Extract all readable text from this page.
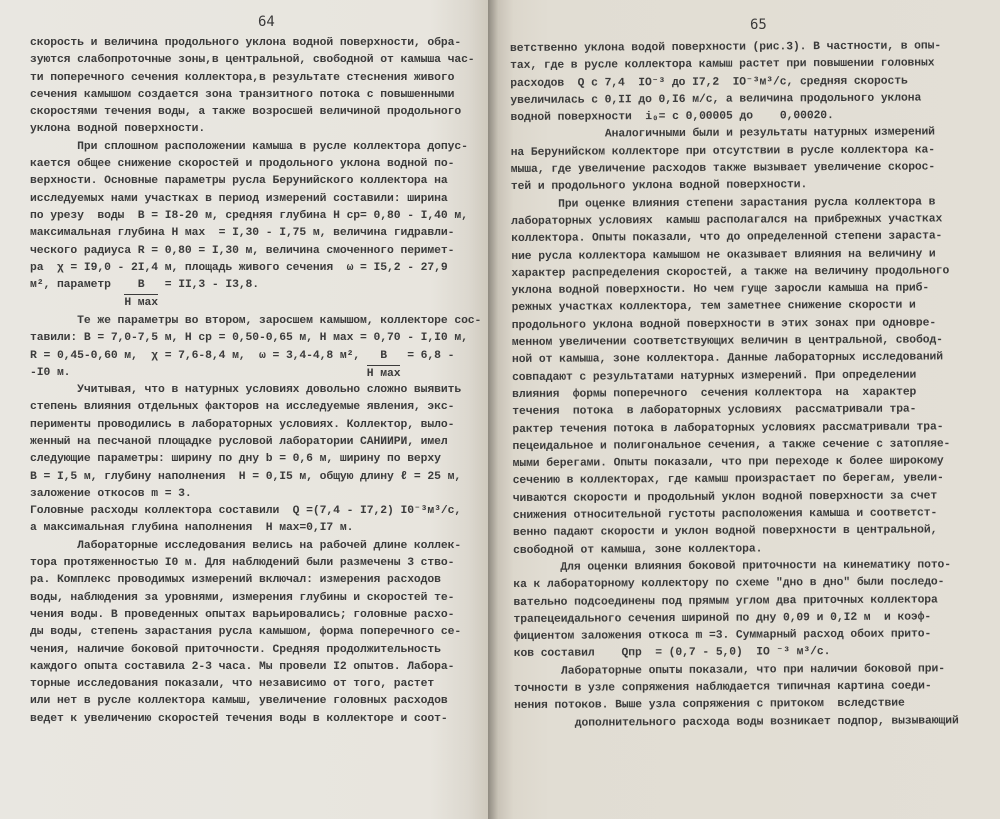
64
скорость и величина продольного уклона водной поверхности, обра-
зуются слабопроточные зоны,в центральной, свободной от камыша час-
ти поперечного сечения коллектора,в результате стеснения живого
сечения камышом создается зона транзитного потока с повышенными
скоростями течения воды, а также возросшей величиной продольного
уклона водной поверхности.
При сплошном расположении камыша в русле коллектора допус-
кается общее снижение скоростей и продольного уклона водной по-
верхности. Основные параметры русла Берунийского коллектора на
исследуемых нами участках в период измерений составили: ширина
по урезу  воды  В = I8-20 м, средняя глубина Н ср= 0,80 - I,40 м,
максимальная глубина Н мах  = I,30 - I,75 м, величина гидравли-
ческого радиуса R = 0,80 = I,30 м, величина смоченного перимет-
ра  χ = I9,0 - 2I,4 м, площадь живого сечения  ω = I5,2 - 27,9
м², параметр $\frac{B}{\text{Н мах}} = II,3 - I3,8$.
Те же параметры во втором, заросшем камышом, коллекторе сос-
тавили: В = 7,0-7,5 м, Н ср = 0,50-0,65 м, Н мах = 0,70 - I,I0 м,
R = 0,45-0,60 м,  χ = 7,6-8,4 м,  ω = 3,4-4,8 м², $\frac{B}{\text{Н мах}} = 6,8$ -
-I0 м.
Учитывая, что в натурных условиях довольно сложно выявить
степень влияния отдельных факторов на исследуемые явления, экс-
перименты проводились в лабораторных условиях. Коллектор, выло-
женный на песчаной площадке русловой лаборатории САНИИРИ, имел
следующие параметры: ширину по дну b = 0,6 м, ширину по верху
В = I,5 м, глубину наполнения  Н = 0,I5 м, общую длину ℓ = 25 м,
заложение откосов m = 3.
Головные расходы коллектора составили  Q =(7,4 - I7,2) I0⁻³м³/с,
а максимальная глубина наполнения  Н мах=0,I7 м.
Лабораторные исследования велись на рабочей длине коллек-
тора протяженностью I0 м. Для наблюдений были размечены 3 ство-
ра. Комплекс проводимых измерений включал: измерения расходов
воды, наблюдения за уровнями, измерения глубины и скоростей те-
чения воды. В проведенных опытах варьировались; головные расхо-
ды воды, степень зарастания русла камышом, форма поперечного се-
чения, наличие боковой приточности. Средняя продолжительность
каждого опыта составила 2-3 часа. Мы провели I2 опытов. Лабора-
торные исследования показали, что независимо от того, растет
или нет в русле коллектора камыш, увеличение головных расходов
ведет к увеличению скоростей течения воды в коллекторе и соот-
65
ветственно уклона водой поверхности (рис.3). В частности, в опы-
тах, где в русле коллектора камыш растет при повышении головных
расходов  Q с 7,4  IO⁻³ до I7,2  IO⁻³м³/с, средняя скорость
увеличилась с 0,II до 0,I6 м/с, а величина продольного уклона
водной поверхности  i₀= с 0,00005 до    0,00020.
Аналогичными были и результаты натурных измерений
на Берунийском коллекторе при отсутствии в русле коллектора ка-
мыша, где увеличение расходов также вызывает увеличение скорос-
тей и продольного уклона водной поверхности.
При оценке влияния степени зарастания русла коллектора в
лабораторных условиях  камыш располагался на прибрежных участках
коллектора. Опыты показали, что до определенной степени зараста-
ние русла коллектора камышом не оказывает влияния на величину и
характер распределения скоростей, а также на величину продольного
уклона водной поверхности. Но чем гуще заросли камыша на приб-
режных участках коллектора, тем заметнее снижение скорости и
продольного уклона водной поверхности в этих зонах при одновре-
менном увеличении соответствующих величин в центральной, свобод-
ной от камыша, зоне коллектора. Данные лабораторных исследований
совпадают с результатами натурных измерений. При определении
влияния  формы поперечного  сечения коллектора  на  характер
течения  потока  в лабораторных условиях  рассматривали тра-
рактер течения потока в лабораторных условиях рассматривали тра-
пецеидальное и полигональное сечения, а также сечение с затопляе-
мыми берегами. Опыты показали, что при переходе к более широкому
сечению в коллекторах, где камыш произрастает по берегам, увели-
чиваются скорости и продольный уклон водной поверхности за счет
снижения относительной густоты расположения камыша и соответст-
венно падают скорости и уклон водной поверхности в центральной,
свободной от камыша, зоне коллектора.
Для оценки влияния боковой приточности на кинематику пото-
ка к лабораторному коллектору по схеме "дно в дно" были последо-
вательно подсоединены под прямым углом два приточных коллектора
трапецеидального сечения шириной по дну 0,09 и 0,I2 м  и коэф-
фициентом заложения откоса m =3. Суммарный расход обоих прито-
ков составил    Qпр  = (0,7 - 5,0)  IO ⁻³ м³/с.
Лабораторные опыты показали, что при наличии боковой при-
точности в узле сопряжения наблюдается типичная картина соеди-
нения потоков. Выше узла сопряжения с притоком  вследствие
дополнительного расхода воды возникает подпор, вызывающий
